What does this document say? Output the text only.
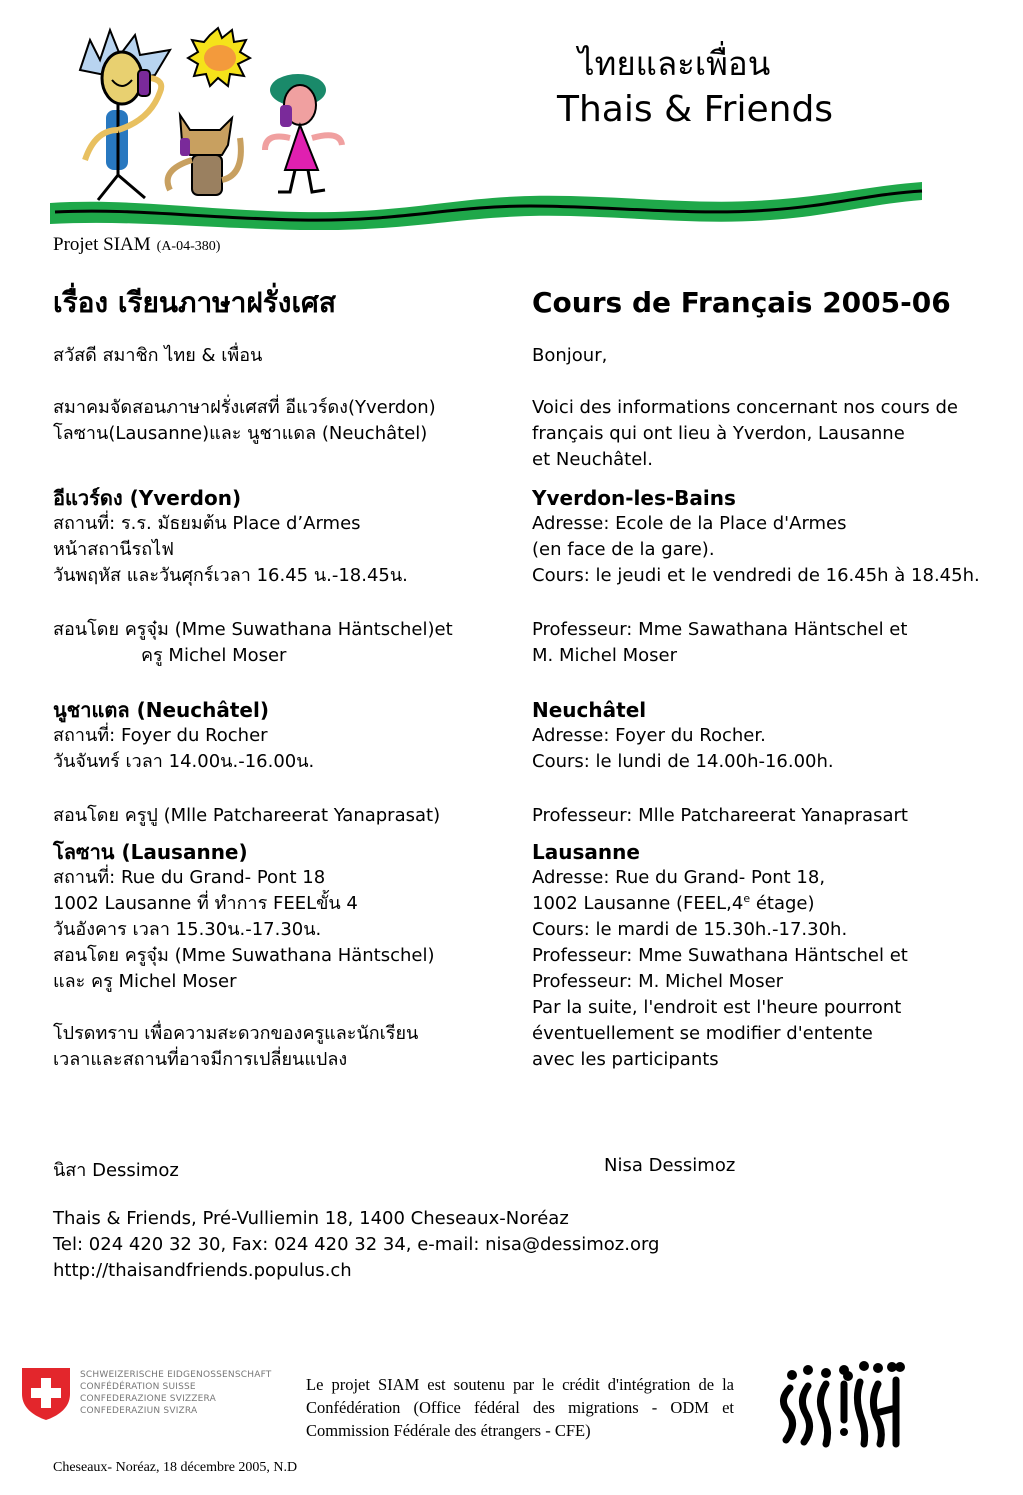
ไทยและเพื่อน
Thais & Friends
Projet SIAM (A-04-380)
เรื่อง เรียนภาษาฝรั่งเศส
สวัสดี สมาชิก ไทย & เพื่อน
สมาคมจัดสอนภาษาฝรั่งเศสที่ อีแวร์ดง(Yverdon)
โลซาน(Lausanne)และ นูชาแดล (Neuchâtel)
อีแวร์ดง (Yverdon)
สถานที่: ร.ร. มัธยมต้น Place d’Armes
หน้าสถานีรถไฟ
วันพฤหัส และวันศุกร์เวลา 16.45 น.-18.45น.
สอนโดย ครูจุ๋ม (Mme Suwathana Häntschel)et
ครู Michel Moser
นูชาแตล (Neuchâtel)
สถานที่: Foyer du Rocher
วันจันทร์ เวลา 14.00น.-16.00น.
สอนโดย ครูปู (Mlle Patchareerat Yanaprasat)
โลซาน (Lausanne)
สถานที่: Rue du Grand- Pont 18
1002 Lausanne ที่ ทำการ FEELขั้น 4
วันอังคาร เวลา 15.30น.-17.30น.
สอนโดย ครูจุ๋ม (Mme Suwathana Häntschel)
และ ครู Michel Moser
โปรดทราบ เพื่อความสะดวกของครูและนักเรียน
เวลาและสถานที่อาจมีการเปลี่ยนแปลง
Cours de Français 2005-06
Bonjour,
Voici des informations concernant nos cours de
français qui ont lieu à Yverdon, Lausanne
et Neuchâtel.
Yverdon-les-Bains
Adresse: Ecole de la Place d'Armes
(en face de la gare).
Cours: le jeudi et le vendredi de 16.45h à 18.45h.
Professeur: Mme Sawathana Häntschel et
M. Michel Moser
Neuchâtel
Adresse: Foyer du Rocher.
Cours: le lundi de 14.00h-16.00h.
Professeur: Mlle Patchareerat Yanaprasart
Lausanne
Adresse: Rue du Grand- Pont 18,
1002 Lausanne (FEEL,4e étage)
Cours: le mardi de 15.30h.-17.30h.
Professeur: Mme Suwathana Häntschel et
Professeur: M. Michel Moser
Par la suite, l'endroit est l'heure pourront
éventuellement se modifier d'entente
avec les participants
นิสา Dessimoz	Nisa Dessimoz
Thais & Friends, Pré-Vulliemin 18, 1400 Cheseaux-Noréaz
Tel: 024 420 32 30, Fax: 024 420 32 34, e-mail: nisa@dessimoz.org
http://thaisandfriends.populus.ch
SCHWEIZERISCHE EIDGENOSSENSCHAFT
CONFÉDÉRATION SUISSE
CONFEDERAZIONE SVIZZERA
CONFEDERAZIUN SVIZRA
Le projet SIAM est soutenu par le crédit d'intégration de la Confédération (Office fédéral des migrations - ODM et Commission Fédérale des étrangers - CFE)
Cheseaux- Noréaz, 18 décembre 2005, N.D
